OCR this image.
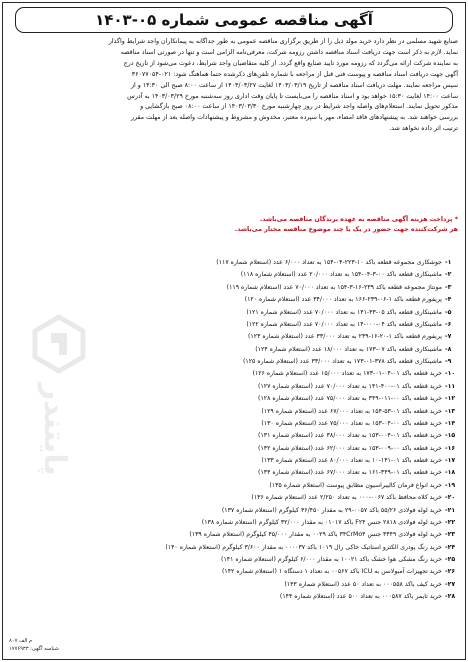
پایتندر
آگهی مناقصه عمومی شماره ۰۵-۱۴۰۳

صنایع شهید مسلمی در نظر دارد خرید مولد ذیل را از طریق برگزاری مناقصه عمومی به طور جداگانه به پیمانکاران واجد شرایط واگذار

نماید. لازم به ذکر است جهت دریافت اسناد مناقصه داشتن رزومه شرکت، معرفی‌نامه الزامی است و تنها در صورتی اسناد مناقصه

به نماینده شرکت ارائه می‌گردد که رزومه مورد تایید صنایع واقع گردد. از کلیه متقاضیان واجد شرایط، دعوت می‌شود از تاریخ درج

آگهی جهت دریافت اسناد مناقصه و پیوست فنی قبل از مراجعه با شماره تلفن‌های ذکرشده حتما هماهنگ شود: ۰۲۱-۳۶۰۷۷۰۵۴

سپس مراجعه نمایند. مهلت دریافت اسناد مناقصه از تاریخ ۱۴۰۳/۰۳/۱۹ لغایت ۱۴۰۳/۰۳/۲۷ از ساعت ۸:۰۰ صبح الی ۱۴:۳۰ و از

ساعت ۱۴:۰۰ لغایت ۱۵:۳۰ خواهد بود و اسناد مناقصه را می‌بایست تا پایان وقت اداری روز سه‌شنبه مورخ ۱۴۰۳/۰۳/۲۹ به آدرس

مذکور تحویل نمایند. استعلام‌های واصله واجد شرایط در روز چهارشنبه مورخ ۱۴۰۳/۰۳/۳۰ از ساعت ۰۸:۰۰ صبح بازگشایی و

بررسی خواهند شد. به پیشنهادهای فاقد امضاء، مهر یا سپرده معتبر، مخدوش و مشروط و پیشنهادات واصله بعد از مهلت مقرر

ترتیب اثر داده نخواهد شد.

* پرداخت هزینه آگهی مناقصه به عهده برندگان مناقصه می‌باشد.

هر شرکت‌کننده جهت حضور در یک یا چند موضوع مناقصه مختار می‌باشد.

۱-
جوشکاری مجموعه قطعه باکد ۱۰-۲۲۳-۰۴-۱۵۴ به تعداد ۶/۰۰۰ عدد (استعلام شماره ۱۱۷)
۲-
ماشینکاری قطعه باکد ۰۰-۳-۰۴-۱۵۴ به تعداد ۲۰/۰۰۰ عدد (استعلام شماره ۱۱۸)
۳-
مونتاژ مجموعه قطعه باکد ۲۳۹-۱۶-۳-۱۵۴ به تعداد ۷۰/۰۰۰ عدد (استعلام شماره ۱۱۹)
۴-
پریفورم قطعه باکد ۱-۰۶-۲۳۹-۱۶۶ به تعداد ۳۴/۰۰۰ عدد (استعلام شماره ۱۲۰)
۵-
ماشینکاری قطعه باکد ۰۵-۳۳-۱۴۱ به تعداد ۷۰/۰۰۰ عدد (استعلام شماره ۱۲۱)
۶-
ماشینکاری قطعه باکد ۰۴-۰۰۰-۱۴ به تعداد ۷۰/۰۰۰ عدد (استعلام شماره ۱۲۲)
۷-
پریفورم قطعه باکد ۱-۲۰-۱۶-۲۳۹ به تعداد ۳۳/۰۰۰ عدد (استعلام شماره ۱۲۳)
۸-
ماشینکاری قطعه باکد ۰۷-۱۷۳ به تعداد ۱۸/۰۰۰ عدد (استعلام شماره ۱۲۴)
۹-
ماشینکاری قطعه باکد ۳۷۸-۰۱-۱۷۳ به تعداد ۳۳/۰۰۰ عدد (استعلام شماره ۱۲۵)
۱۰-
خرید قطعه باکد ۰۱-۰۴-۰۱-۱۷۳ به تعداد ۱۵/۰۰۰ عدد (استعلام شماره ۱۲۶)
۱۱-
خرید قطعه باکد ۰۱-۴۰۰-۱۴۱ به تعداد ۷۰/۰۰۰ عدد (استعلام شماره ۱۲۷)
۱۲-
خرید قطعه باکد ۰۰-۰۱۱-۳۴۹ به تعداد ۷۵/۰۰۰ عدد (استعلام شماره ۱۲۸)
۱۳-
خرید قطعه باکد ۰۱-۵۳-۱۵۴ به تعداد ۶۷/۰۰۰ عدد (استعلام شماره ۱۲۹)
۱۴-
خرید قطعه باکد ۰۰-۰۴-۱۵۳ به تعداد ۷۵/۰۰۰ عدد (استعلام شماره ۱۳۰)
۱۵-
خرید قطعه باکد ۰۱-۰۰۴-۱۵۳ به تعداد ۳۸/۰۰۰ عدد (استعلام شماره ۱۳۱)
۱۶-
خرید قطعه باکد ۰۰-۰۰۹-۱۵۳ به تعداد ۶۲/۰۰۰ عدد (استعلام شماره ۱۳۲)
۱۷-
خرید قطعه باکد ۰۱-۱۴۱-۱۰ به تعداد ۸۰/۰۰۰ عدد (استعلام شماره ۱۳۳)
۱۸-
خرید قطعه باکد ۰۱-۳۴۹-۱۶۱ به تعداد ۶۷/۰۰۰ عدد (استعلام شماره ۱۳۴)
۱۹-
خرید انواع فرمان کالیبراسیون مطابق پیوست (استعلام شماره ۱۳۵)
۲۰-
خرید کلاه محافظ باکد ۰۰۶۷-۰۰۰ به تعداد ۲/۲۵۰ عدد (استعلام شماره ۱۳۶)
۲۱-
خرید لوله فولادی ۵۵/۲۶ باکد ۰۰۵۷-۲۹ به مقدار ۳۶/۴۵۰ کیلوگرم (استعلام شماره ۱۳۷)
۲۲-
خرید لوله فولادی ۲۸۱۸ جنس F۲۴ باکد ۰۱۰۱۷ به مقدار ۳۲/۰۰۰ کیلوگرم (استعلام شماره ۱۳۸)
۲۳-
خرید لوله فولادی ۳۴۴۹ جنس ۳۴CrMo۴ باکد ۰۰۲۹ به مقدار ۴۵/۰۰۰ کیلوگرم (استعلام شماره ۱۳۹)
۲۴-
خرید رنگ پودری الکترو استاتیک خاکی رال ۱۰۱۹ باکد ۰۰۰۰۳۷ به مقدار ۳/۶۰۰ کیلوگرم (استعلام شماره ۱۴۰)
۲۵-
خرید رنگ مشکی هوا خشک باکد ۱۰۰۲۱ به مقدار ۶/۰۰۰ کیلوگرم (استعلام شماره ۱۴۱)
۲۶-
خرید تجهیزات آمبولانس به ICU باکد ۰۰۵۶۷ به تعداد ۱ دستگاه ۱ (استعلام شماره ۱۴۲)
۲۷-
خرید کیف باکد ۰۰۰۵۵۸ به تعداد ۵۰ عدد (استعلام شماره ۱۴۳)
۲۸-
خرید تایمر باکد ۰۰۰۵۸۷ به تعداد ۵۰۰ عدد (استعلام شماره ۱۴۴)
م الف ۸۰۷
شناسه آگهی: ۱۷۷۶۹۳۳
